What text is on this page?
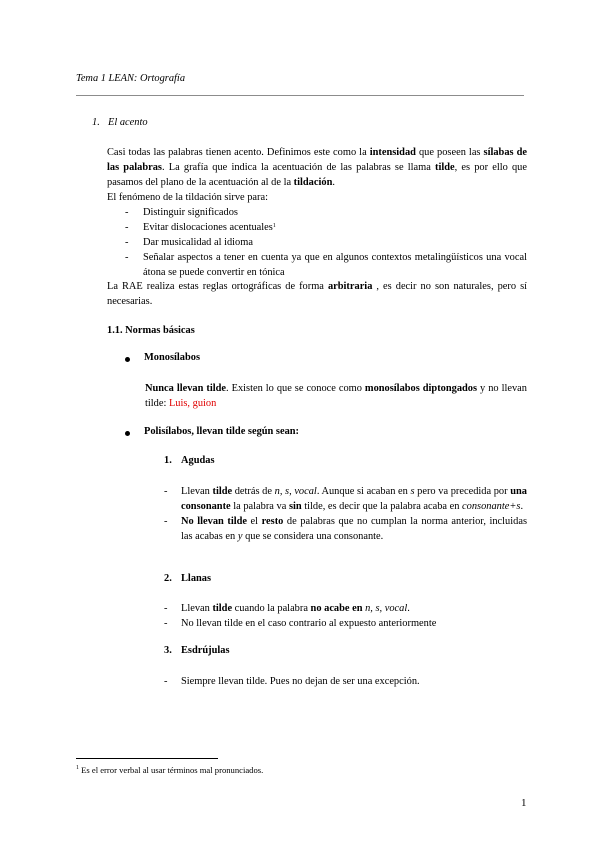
Tema 1 LEAN: Ortografía
1. El acento
Casi todas las palabras tienen acento. Definimos este como la intensidad que poseen las sílabas de las palabras. La grafía que indica la acentuación de las palabras se llama tilde, es por ello que pasamos del plano de la acentuación al de la tildación.
El fenómeno de la tildación sirve para:
- Distinguir significados
- Evitar dislocaciones acentuales$^1$
- Dar musicalidad al idioma
- Señalar aspectos a tener en cuenta ya que en algunos contextos metalingüísticos una vocal átona se puede convertir en tónica
La RAE realiza estas reglas ortográficas de forma arbitraria , es decir no son naturales, pero sí necesarias.
1.1. Normas básicas
Monosílabos
Nunca llevan tilde. Existen lo que se conoce como monosílabos diptongados y no llevan tilde: Luis, guion
Polisílabos, llevan tilde según sean:
1. Agudas
- Llevan tilde detrás de n, s, vocal. Aunque si acaban en s pero va precedida por una consonante la palabra va sin tilde, es decir que la palabra acaba en consonante+s.
- No llevan tilde el resto de palabras que no cumplan la norma anterior, incluidas las acabas en y que se considera una consonante.
2. Llanas
- Llevan tilde cuando la palabra no acabe en n, s, vocal.
- No llevan tilde en el caso contrario al expuesto anteriormente
3. Esdrújulas
- Siempre llevan tilde. Pues no dejan de ser una excepción.
$^1$ Es el error verbal al usar términos mal pronunciados.
1
